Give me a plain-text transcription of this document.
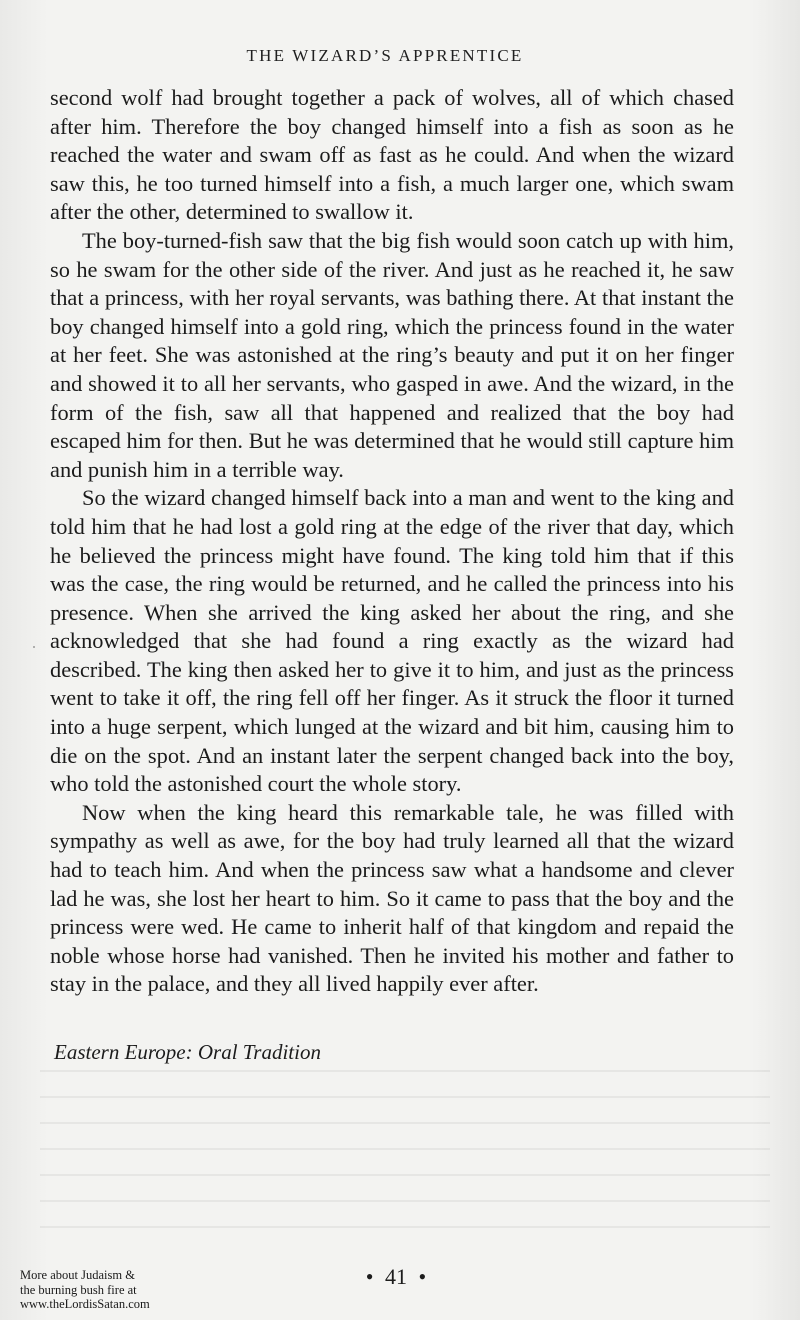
THE WIZARD’S APPRENTICE

second wolf had brought together a pack of wolves, all of which chased after him. Therefore the boy changed himself into a fish as soon as he reached the water and swam off as fast as he could. And when the wizard saw this, he too turned himself into a fish, a much larger one, which swam after the other, determined to swallow it.

The boy-turned-fish saw that the big fish would soon catch up with him, so he swam for the other side of the river. And just as he reached it, he saw that a princess, with her royal servants, was bathing there. At that instant the boy changed himself into a gold ring, which the princess found in the water at her feet. She was astonished at the ring’s beauty and put it on her finger and showed it to all her servants, who gasped in awe. And the wizard, in the form of the fish, saw all that happened and realized that the boy had escaped him for then. But he was determined that he would still capture him and punish him in a terrible way.

So the wizard changed himself back into a man and went to the king and told him that he had lost a gold ring at the edge of the river that day, which he believed the princess might have found. The king told him that if this was the case, the ring would be returned, and he called the princess into his presence. When she arrived the king asked her about the ring, and she acknowledged that she had found a ring exactly as the wizard had described. The king then asked her to give it to him, and just as the princess went to take it off, the ring fell off her finger. As it struck the floor it turned into a huge serpent, which lunged at the wizard and bit him, causing him to die on the spot. And an instant later the serpent changed back into the boy, who told the astonished court the whole story.

Now when the king heard this remarkable tale, he was filled with sympathy as well as awe, for the boy had truly learned all that the wizard had to teach him. And when the princess saw what a handsome and clever lad he was, she lost her heart to him. So it came to pass that the boy and the princess were wed. He came to inherit half of that kingdom and repaid the noble whose horse had vanished. Then he invited his mother and father to stay in the palace, and they all lived happily ever after.

Eastern Europe: Oral Tradition
• 41 •
More about Judaism &
the burning bush fire at
www.theLordisSatan.com
